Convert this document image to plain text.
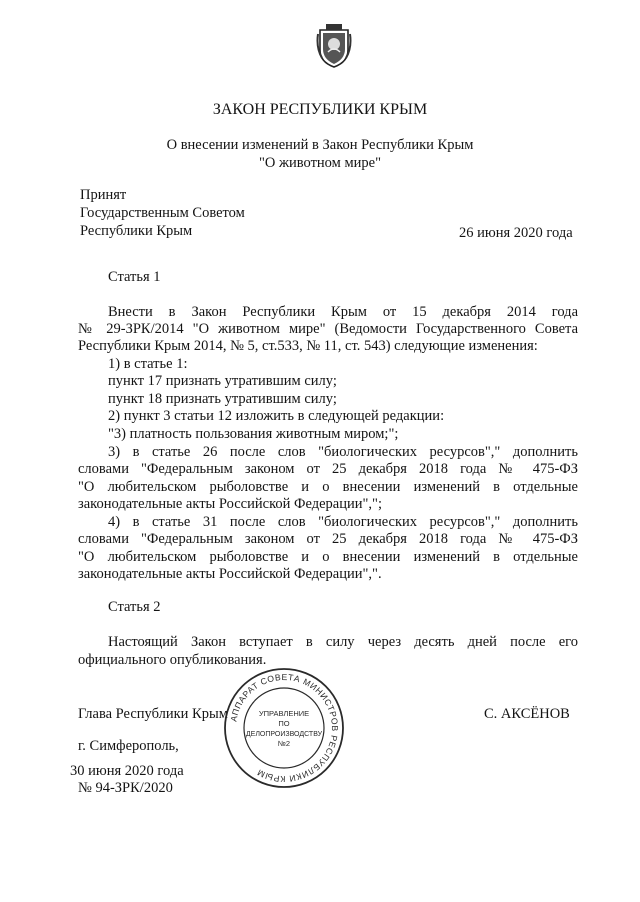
ЗАКОН РЕСПУБЛИКИ КРЫМ
О внесении изменений в Закон Республики Крым
"О животном мире"
Принят
Государственным Советом
Республики Крым	26 июня 2020 года
Статья 1
Внести в Закон Республики Крым от 15 декабря 2014 года
№ 29-ЗРК/2014 "О животном мире" (Ведомости Государственного Совета
Республики Крым 2014, № 5, ст.533, № 11, ст. 543) следующие изменения:
1) в статье 1:
пункт 17 признать утратившим силу;
пункт 18 признать утратившим силу;
2) пункт 3 статьи 12 изложить в следующей редакции:
"3) платность пользования животным миром;";
3) в статье 26 после слов "биологических ресурсов"," дополнить
словами "Федеральным законом от 25 декабря 2018 года № 475-ФЗ
"О любительском рыболовстве и о внесении изменений в отдельные
законодательные акты Российской Федерации",";
4) в статье 31 после слов "биологических ресурсов"," дополнить
словами "Федеральным законом от 25 декабря 2018 года № 475-ФЗ
"О любительском рыболовстве и о внесении изменений в отдельные
законодательные акты Российской Федерации",".
Статья 2
Настоящий Закон вступает в силу через десять дней после его
официального опубликования.
Глава Республики Крым	С. АКСЁНОВ
г. Симферополь,
30 июня 2020 года
№ 94-ЗРК/2020
АППАРАТ СОВЕТА МИНИСТРОВ РЕСПУБЛИКИ КРЫМ
УПРАВЛЕНИЕ
ПО
ДЕЛОПРОИЗВОДСТВУ
№2
